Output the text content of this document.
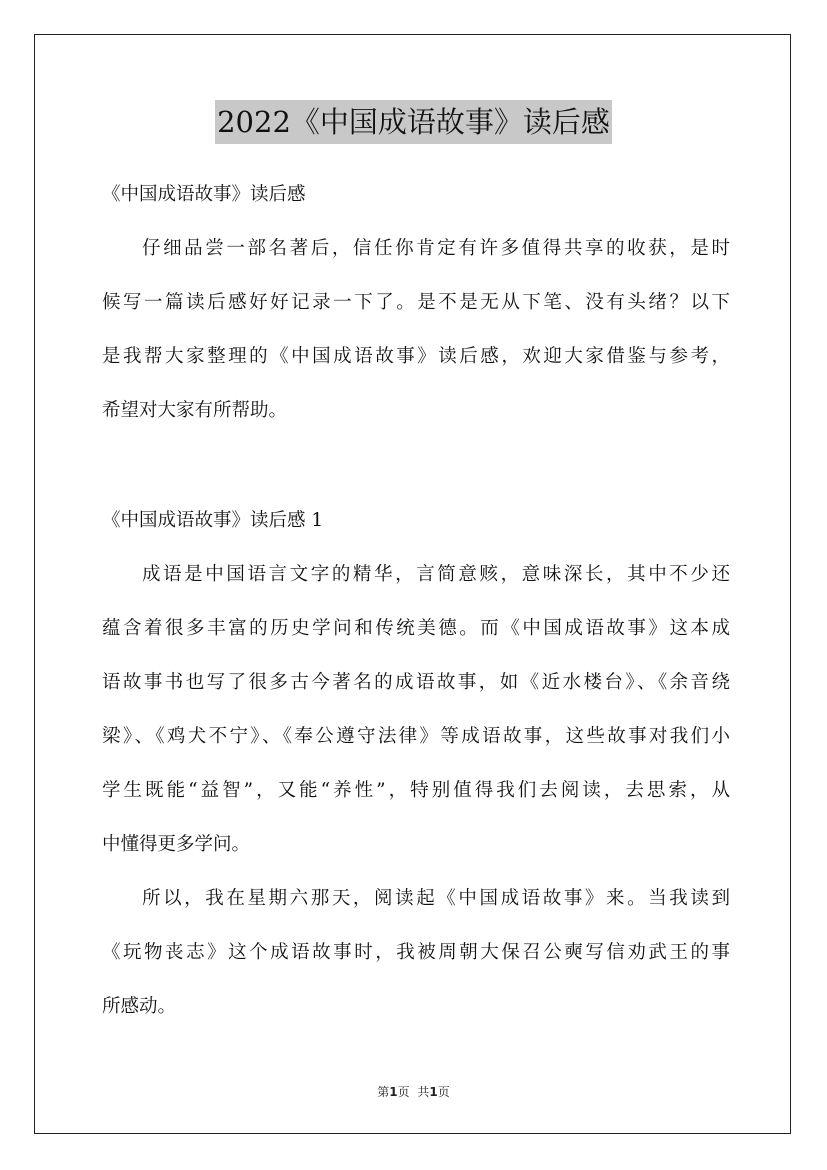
2022《中国成语故事》读后感
《中国成语故事》读后感
仔细品尝一部名著后，信任你肯定有许多值得共享的收获，是时
候写一篇读后感好好记录一下了。是不是无从下笔、没有头绪？以下
是我帮大家整理的《中国成语故事》读后感，欢迎大家借鉴与参考，
希望对大家有所帮助。
《中国成语故事》读后感 1
成语是中国语言文字的精华，言简意赅，意味深长，其中不少还
蕴含着很多丰富的历史学问和传统美德。而《中国成语故事》这本成
语故事书也写了很多古今著名的成语故事，如《近水楼台》、《余音绕
梁》、《鸡犬不宁》、《奉公遵守法律》等成语故事，这些故事对我们小
学生既能“益智”，又能“养性”，特别值得我们去阅读，去思索，从
中懂得更多学问。
所以，我在星期六那天，阅读起《中国成语故事》来。当我读到
《玩物丧志》这个成语故事时，我被周朝大保召公奭写信劝武王的事
所感动。
第1页 共1页
